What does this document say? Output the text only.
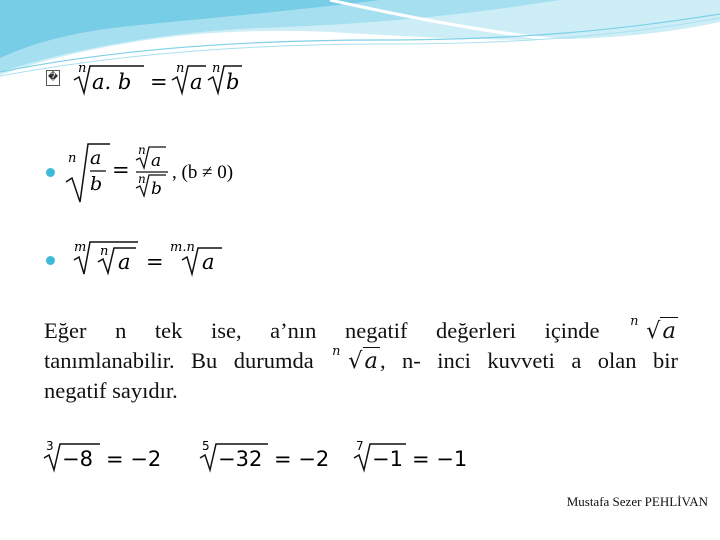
�
n
a. b =
n
a
n
b
n a
b
=
n
a
n b
, (b ≠ 0)
m n a =
m.n
a
Eğer n tek ise, a’nın negatif değerleri içinde n √a
tanımlanabilir. Bu durumda n √a, n- inci kuvveti a olan bir
negatif sayıdır.
3
−8 = −2
5
−32 = −2
7
−1 = −1
Mustafa Sezer PEHLİVAN
